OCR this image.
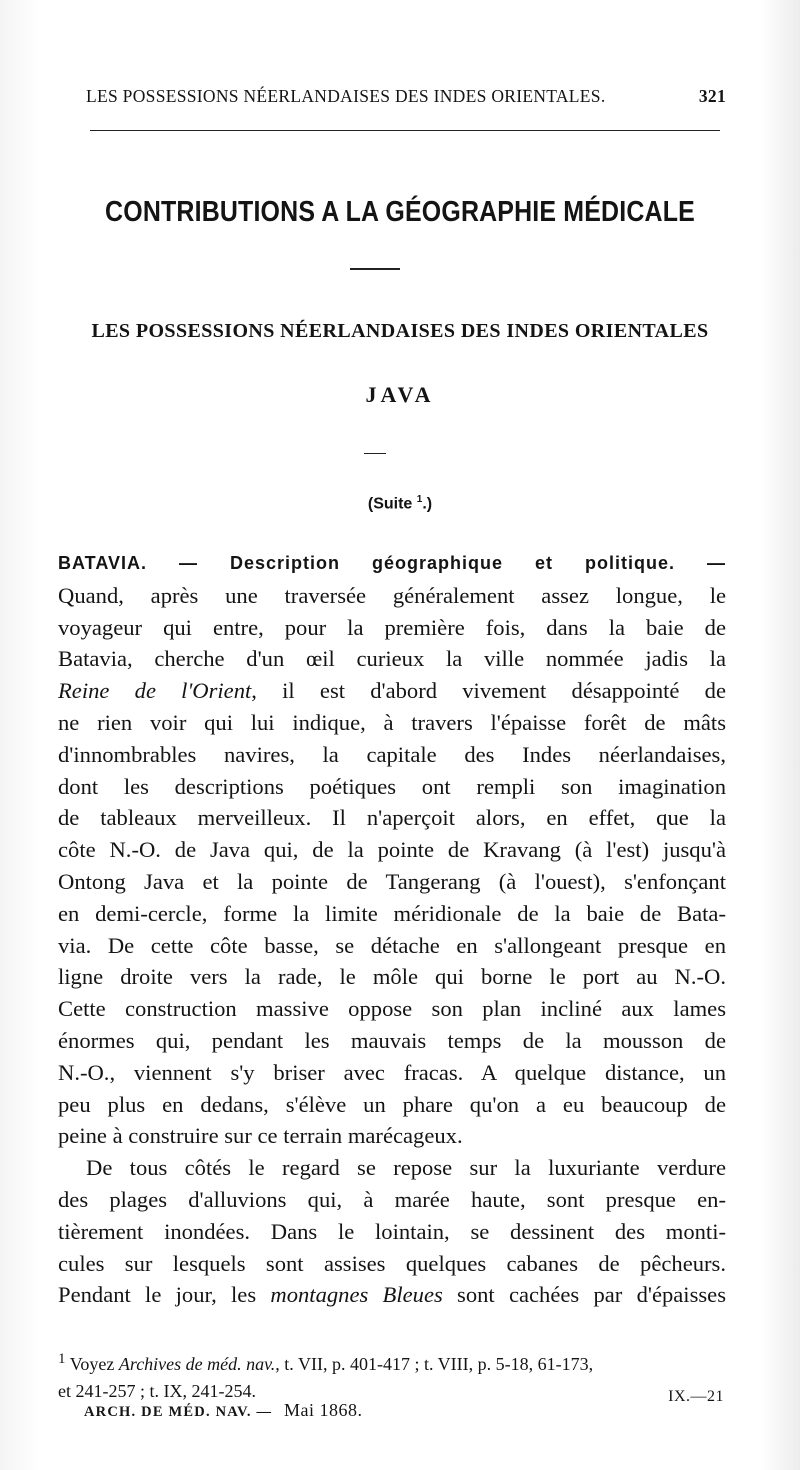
LES POSSESSIONS NÉERLANDAISES DES INDES ORIENTALES.	321
CONTRIBUTIONS A LA GÉOGRAPHIE MÉDICALE
LES POSSESSIONS NÉERLANDAISES DES INDES ORIENTALES
JAVA
(Suite $^1$.)
BATAVIA. — Description géographique et politique. —
Quand, après une traversée généralement assez longue, le
voyageur qui entre, pour la première fois, dans la baie de
Batavia, cherche d'un œil curieux la ville nommée jadis la
Reine de l'Orient, il est d'abord vivement désappointé de
ne rien voir qui lui indique, à travers l'épaisse forêt de mâts
d'innombrables navires, la capitale des Indes néerlandaises,
dont les descriptions poétiques ont rempli son imagination
de tableaux merveilleux. Il n'aperçoit alors, en effet, que la
côte N.-O. de Java qui, de la pointe de Kravang (à l'est) jusqu'à
Ontong Java et la pointe de Tangerang (à l'ouest), s'enfonçant
en demi-cercle, forme la limite méridionale de la baie de Bata-
via. De cette côte basse, se détache en s'allongeant presque en
ligne droite vers la rade, le môle qui borne le port au N.-O.
Cette construction massive oppose son plan incliné aux lames
énormes qui, pendant les mauvais temps de la mousson de
N.-O., viennent s'y briser avec fracas. A quelque distance, un
peu plus en dedans, s'élève un phare qu'on a eu beaucoup de
peine à construire sur ce terrain marécageux.
De tous côtés le regard se repose sur la luxuriante verdure
des plages d'alluvions qui, à marée haute, sont presque en-
tièrement inondées. Dans le lointain, se dessinent des monti-
cules sur lesquels sont assises quelques cabanes de pêcheurs.
Pendant le jour, les montagnes Bleues sont cachées par d'épaisses
$^1$ Voyez Archives de méd. nav., t. VII, p. 401-417 ; t. VIII, p. 5-18, 61-173,
et 241-257 ; t. IX, 241-254.
ARCH. DE MÉD. NAV. — Mai 1868.
IX.—21
